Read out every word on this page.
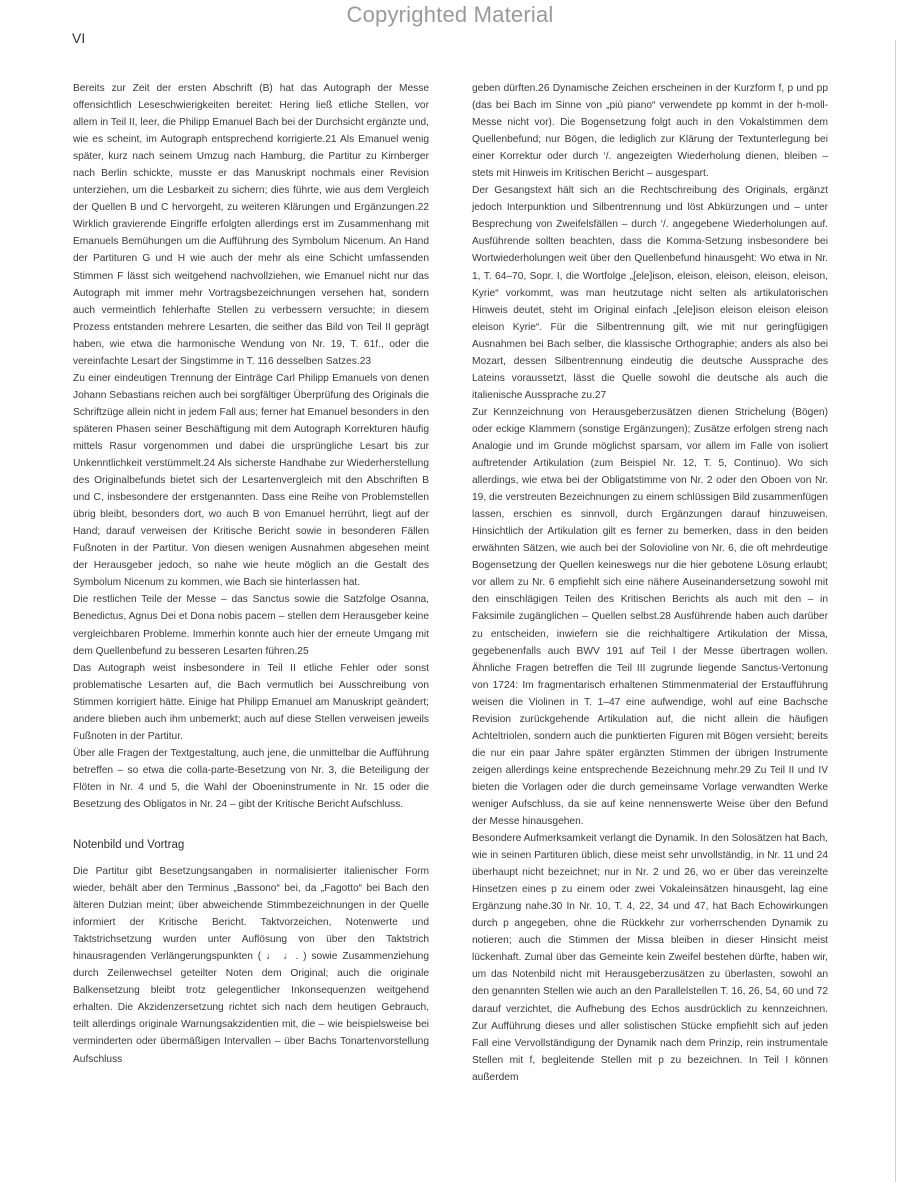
Copyrighted Material
VI

Bereits zur Zeit der ersten Abschrift (B) hat das Autograph der Messe offensichtlich Leseschwierigkeiten bereitet: Hering ließ etliche Stellen, vor allem in Teil II, leer, die Philipp Emanuel Bach bei der Durchsicht ergänzte und, wie es scheint, im Autograph entsprechend korrigierte.21 Als Emanuel wenig später, kurz nach seinem Umzug nach Hamburg, die Partitur zu Kirnberger nach Berlin schickte, musste er das Manuskript nochmals einer Revision unterziehen, um die Lesbarkeit zu sichern; dies führte, wie aus dem Vergleich der Quellen B und C hervorgeht, zu weiteren Klärungen und Ergänzungen.22 Wirklich gravierende Eingriffe erfolgten allerdings erst im Zusammenhang mit Emanuels Bemühungen um die Aufführung des Symbolum Nicenum. An Hand der Partituren G und H wie auch der mehr als eine Schicht umfassenden Stimmen F lässt sich weitgehend nachvollziehen, wie Emanuel nicht nur das Autograph mit immer mehr Vortragsbezeichnungen versehen hat, sondern auch vermeintlich fehlerhafte Stellen zu verbessern versuchte; in diesem Prozess entstanden mehrere Lesarten, die seither das Bild von Teil II geprägt haben, wie etwa die harmonische Wendung von Nr. 19, T. 61f., oder die vereinfachte Lesart der Singstimme in T. 116 desselben Satzes.23

Zu einer eindeutigen Trennung der Einträge Carl Philipp Emanuels von denen Johann Sebastians reichen auch bei sorgfältiger Überprüfung des Originals die Schriftzüge allein nicht in jedem Fall aus; ferner hat Emanuel besonders in den späteren Phasen seiner Beschäftigung mit dem Autograph Korrekturen häufig mittels Rasur vorgenommen und dabei die ursprüngliche Lesart bis zur Unkenntlichkeit verstümmelt.24 Als sicherste Handhabe zur Wiederherstellung des Originalbefunds bietet sich der Lesartenvergleich mit den Abschriften B und C, insbesondere der erstgenannten. Dass eine Reihe von Problemstellen übrig bleibt, besonders dort, wo auch B von Emanuel herrührt, liegt auf der Hand; darauf verweisen der Kritische Bericht sowie in besonderen Fällen Fußnoten in der Partitur. Von diesen wenigen Ausnahmen abgesehen meint der Herausgeber jedoch, so nahe wie heute möglich an die Gestalt des Symbolum Nicenum zu kommen, wie Bach sie hinterlassen hat.

Die restlichen Teile der Messe – das Sanctus sowie die Satzfolge Osanna, Benedictus, Agnus Dei et Dona nobis pacem – stellen dem Herausgeber keine vergleichbaren Probleme. Immerhin konnte auch hier der erneute Umgang mit dem Quellenbefund zu besseren Lesarten führen.25

Das Autograph weist insbesondere in Teil II etliche Fehler oder sonst problematische Lesarten auf, die Bach vermutlich bei Ausschreibung von Stimmen korrigiert hätte. Einige hat Philipp Emanuel am Manuskript geändert; andere blieben auch ihm unbemerkt; auch auf diese Stellen verweisen jeweils Fußnoten in der Partitur.

Über alle Fragen der Textgestaltung, auch jene, die unmittelbar die Aufführung betreffen – so etwa die colla-parte-Besetzung von Nr. 3, die Beteiligung der Flöten in Nr. 4 und 5, die Wahl der Oboeninstrumente in Nr. 15 oder die Besetzung des Obligatos in Nr. 24 – gibt der Kritische Bericht Aufschluss.

Notenbild und Vortrag

Die Partitur gibt Besetzungsangaben in normalisierter italienischer Form wieder, behält aber den Terminus „Bassono“ bei, da „Fagotto“ bei Bach den älteren Dulzian meint; über abweichende Stimmbezeichnungen in der Quelle informiert der Kritische Bericht. Taktvorzeichen, Notenwerte und Taktstrichsetzung wurden unter Auflösung von über den Taktstrich hinausragenden Verlängerungspunkten ( ♩ ♩. ) sowie Zusammenziehung durch Zeilenwechsel geteilter Noten dem Original; auch die originale Balkensetzung bleibt trotz gelegentlicher Inkonsequenzen weitgehend erhalten. Die Akzidenzersetzung richtet sich nach dem heutigen Gebrauch, teilt allerdings originale Warnungsakzidentien mit, die – wie beispielsweise bei verminderten oder übermäßigen Intervallen – über Bachs Tonartenvorstellung Aufschluss

geben dürften.26 Dynamische Zeichen erscheinen in der Kurzform f, p und pp (das bei Bach im Sinne von „più piano“ verwendete pp kommt in der h-moll-Messe nicht vor). Die Bogensetzung folgt auch in den Vokalstimmen dem Quellenbefund; nur Bögen, die lediglich zur Klärung der Textunterlegung bei einer Korrektur oder durch ‘/. angezeigten Wiederholung dienen, bleiben – stets mit Hinweis im Kritischen Bericht – ausgespart.

Der Gesangstext hält sich an die Rechtschreibung des Originals, ergänzt jedoch Interpunktion und Silbentrennung und löst Abkürzungen und – unter Besprechung von Zweifelsfällen – durch ‘/. angegebene Wiederholungen auf. Ausführende sollten beachten, dass die Komma-Setzung insbesondere bei Wortwiederholungen weit über den Quellenbefund hinausgeht: Wo etwa in Nr. 1, T. 64–70, Sopr. I, die Wortfolge „[ele]ison, eleison, eleison, eleison, eleison, Kyrie“ vorkommt, was man heutzutage nicht selten als artikulatorischen Hinweis deutet, steht im Original einfach „[ele]ison eleison eleison eleison eleison Kyrie“. Für die Silbentrennung gilt, wie mit nur geringfügigen Ausnahmen bei Bach selber, die klassische Orthographie; anders als also bei Mozart, dessen Silbentrennung eindeutig die deutsche Aussprache des Lateins voraussetzt, lässt die Quelle sowohl die deutsche als auch die italienische Aussprache zu.27

Zur Kennzeichnung von Herausgeberzusätzen dienen Strichelung (Bögen) oder eckige Klammern (sonstige Ergänzungen); Zusätze erfolgen streng nach Analogie und im Grunde möglichst sparsam, vor allem im Falle von isoliert auftretender Artikulation (zum Beispiel Nr. 12, T. 5, Continuo). Wo sich allerdings, wie etwa bei der Obligatstimme von Nr. 2 oder den Oboen von Nr. 19, die verstreuten Bezeichnungen zu einem schlüssigen Bild zusammenfügen lassen, erschien es sinnvoll, durch Ergänzungen darauf hinzuweisen. Hinsichtlich der Artikulation gilt es ferner zu bemerken, dass in den beiden erwähnten Sätzen, wie auch bei der Solovioline von Nr. 6, die oft mehrdeutige Bogensetzung der Quellen keineswegs nur die hier gebotene Lösung erlaubt; vor allem zu Nr. 6 empfiehlt sich eine nähere Auseinandersetzung sowohl mit den einschlägigen Teilen des Kritischen Berichts als auch mit den – in Faksimile zugänglichen – Quellen selbst.28 Ausführende haben auch darüber zu entscheiden, inwiefern sie die reichhaltigere Artikulation der Missa, gegebenenfalls auch BWV 191 auf Teil I der Messe übertragen wollen. Ähnliche Fragen betreffen die Teil III zugrunde liegende Sanctus-Vertonung von 1724: Im fragmentarisch erhaltenen Stimmenmaterial der Erstaufführung weisen die Violinen in T. 1–47 eine aufwendige, wohl auf eine Bachsche Revision zurückgehende Artikulation auf, die nicht allein die häufigen Achteltriolen, sondern auch die punktierten Figuren mit Bögen versieht; bereits die nur ein paar Jahre später ergänzten Stimmen der übrigen Instrumente zeigen allerdings keine entsprechende Bezeichnung mehr.29 Zu Teil II und IV bieten die Vorlagen oder die durch gemeinsame Vorlage verwandten Werke weniger Aufschluss, da sie auf keine nennenswerte Weise über den Befund der Messe hinausgehen.

Besondere Aufmerksamkeit verlangt die Dynamik. In den Solosätzen hat Bach, wie in seinen Partituren üblich, diese meist sehr unvollständig, in Nr. 11 und 24 überhaupt nicht bezeichnet; nur in Nr. 2 und 26, wo er über das vereinzelte Hinsetzen eines p zu einem oder zwei Vokaleinsätzen hinausgeht, lag eine Ergänzung nahe.30 In Nr. 10, T. 4, 22, 34 und 47, hat Bach Echowirkungen durch p angegeben, ohne die Rückkehr zur vorherrschenden Dynamik zu notieren; auch die Stimmen der Missa bleiben in dieser Hinsicht meist lückenhaft. Zumal über das Gemeinte kein Zweifel bestehen dürfte, haben wir, um das Notenbild nicht mit Herausgeberzusätzen zu überlasten, sowohl an den genannten Stellen wie auch an den Parallelstellen T. 16, 26, 54, 60 und 72 darauf verzichtet, die Aufhebung des Echos ausdrücklich zu kennzeichnen. Zur Aufführung dieses und aller solistischen Stücke empfiehlt sich auf jeden Fall eine Vervollständigung der Dynamik nach dem Prinzip, rein instrumentale Stellen mit f, begleitende Stellen mit p zu bezeichnen. In Teil I können außerdem
